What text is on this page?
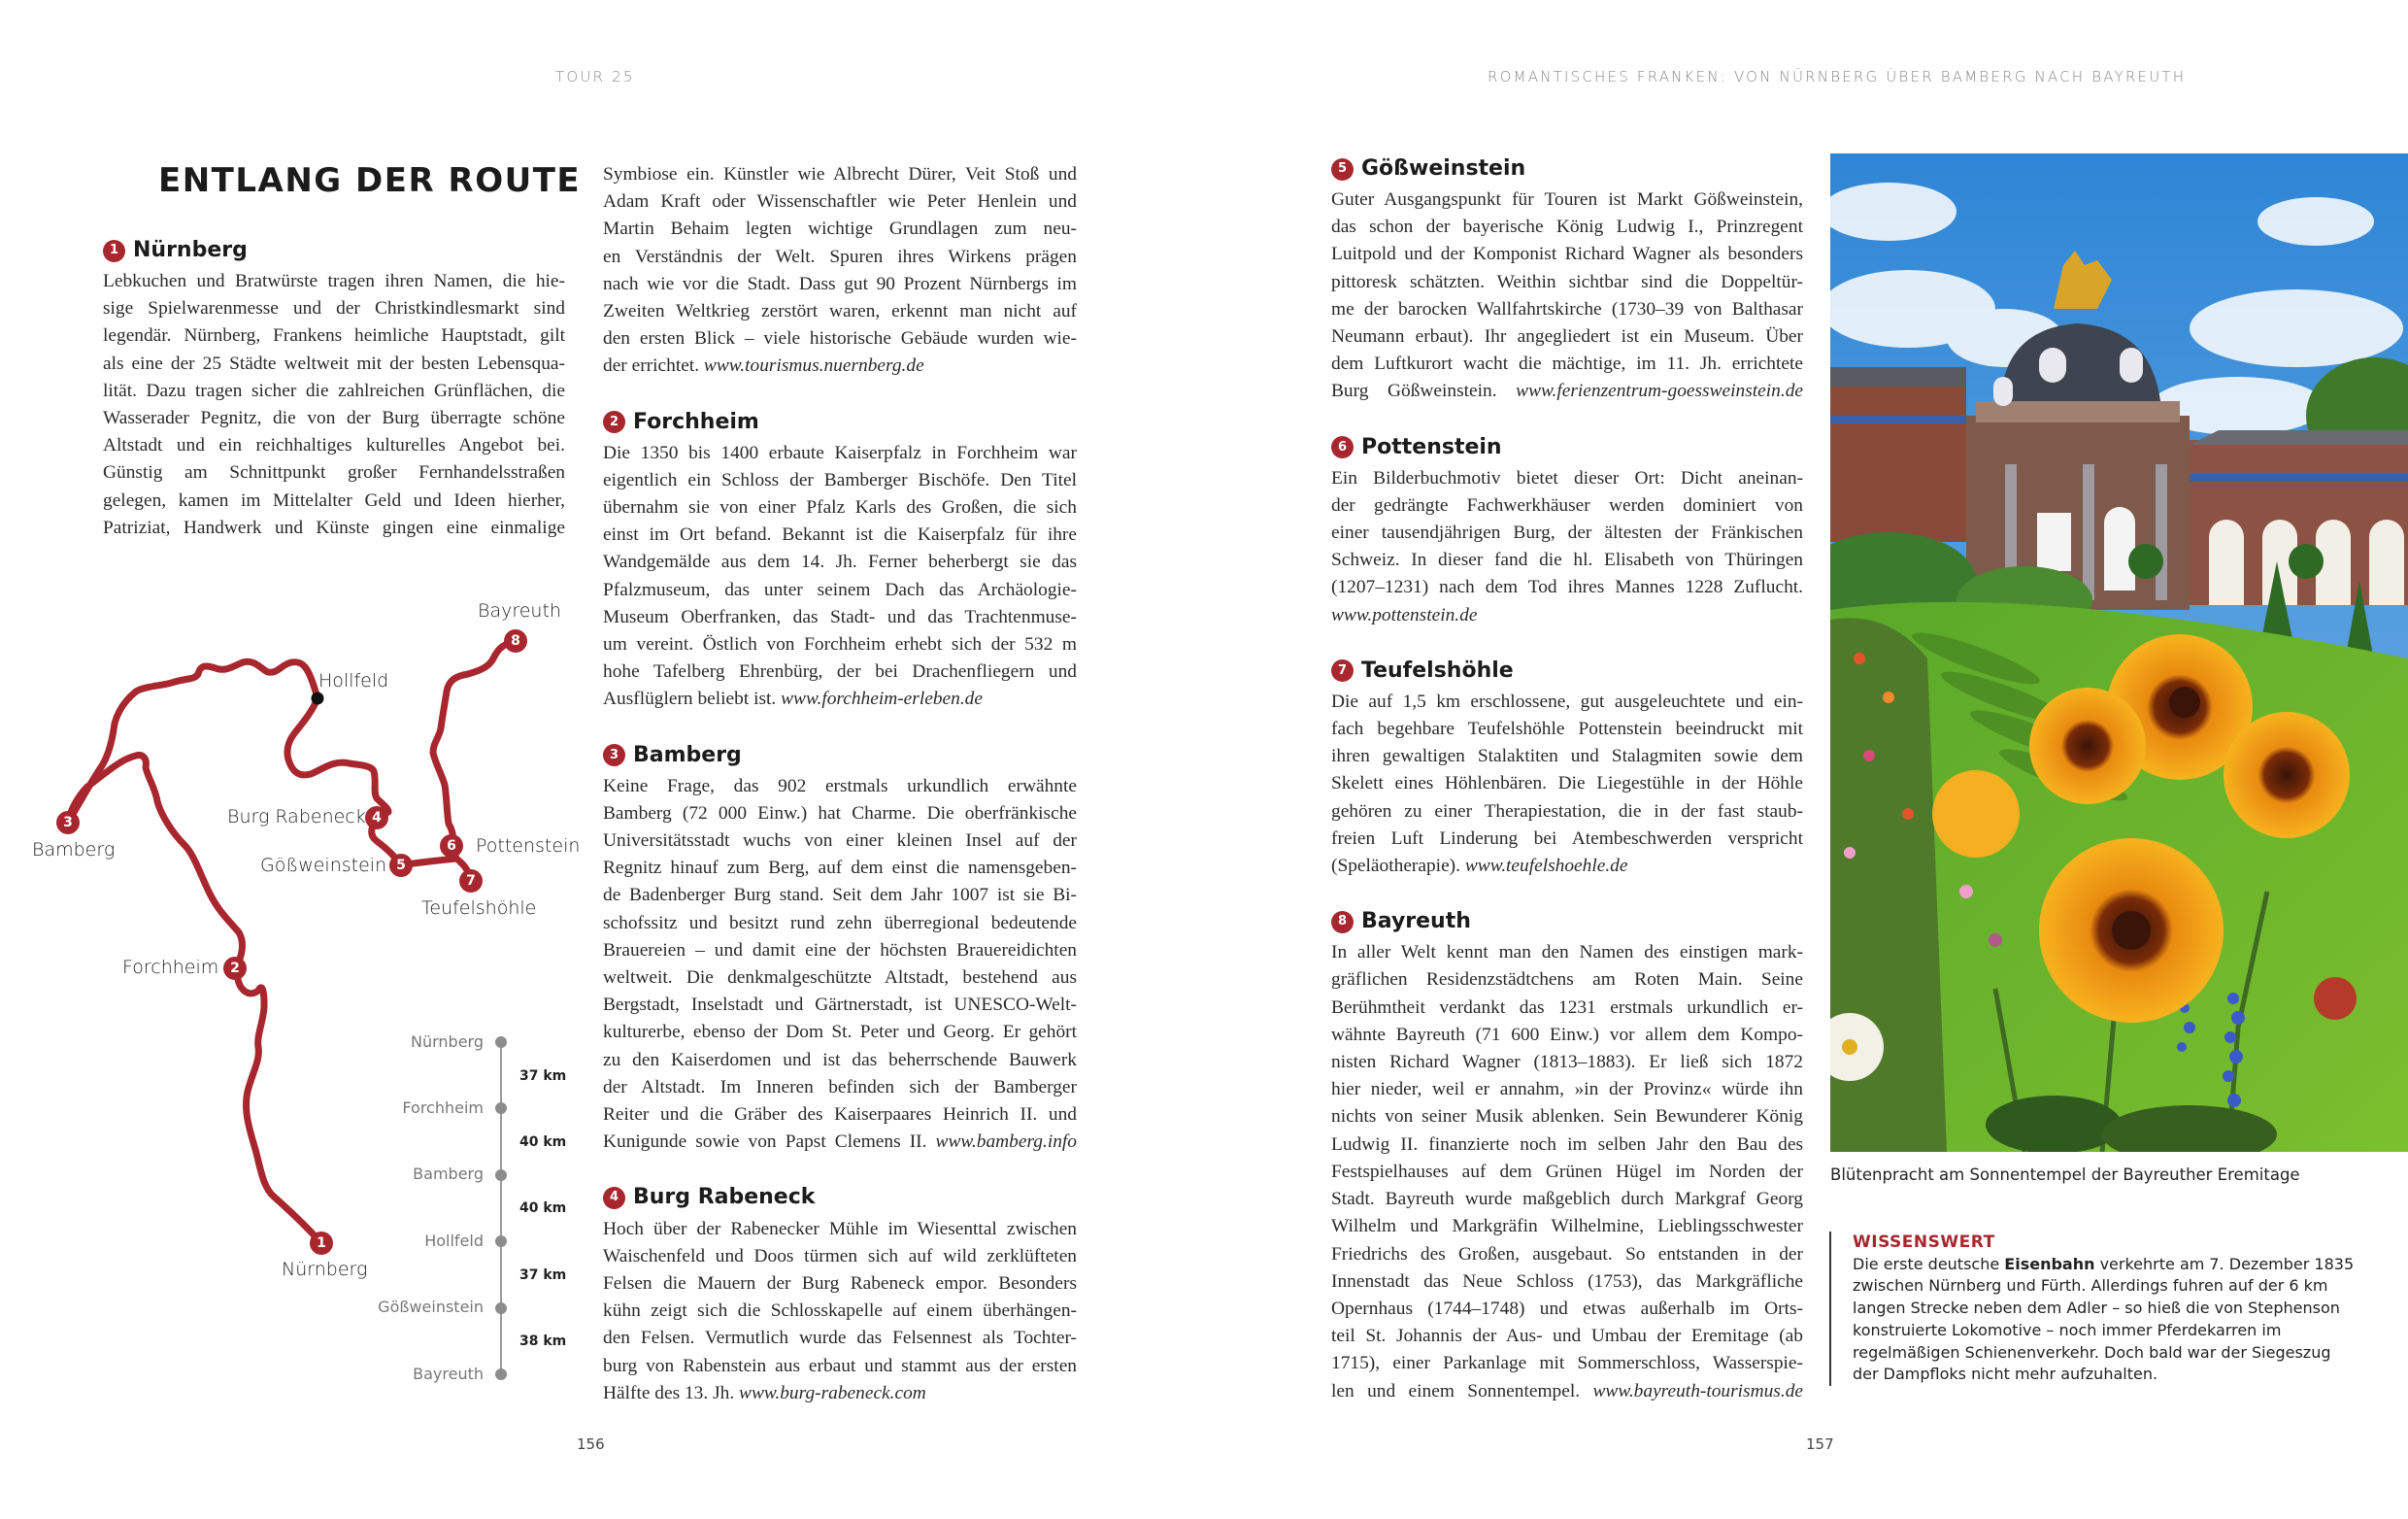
TOUR 25	ROMANTISCHES FRANKEN: VON NÜRNBERG ÜBER BAMBERG NACH BAYREUTH
ENTLANG DER ROUTE
1 Nürnberg
Lebkuchen und Bratwürste tragen ihren Namen, die hie-
sige Spielwarenmesse und der Christkindlesmarkt sind
legendär. Nürnberg, Frankens heimliche Hauptstadt, gilt
als eine der 25 Städte weltweit mit der besten Lebensqua-
lität. Dazu tragen sicher die zahlreichen Grünflächen, die
Wasserader Pegnitz, die von der Burg überragte schöne
Altstadt und ein reichhaltiges kulturelles Angebot bei.
Günstig am Schnittpunkt großer Fernhandelsstraßen
gelegen, kamen im Mittelalter Geld und Ideen hierher,
Patriziat, Handwerk und Künste gingen eine einmalige
1
2
3	4
5
6
7
8
Nürnberg
Forchheim
Bamberg
Burg Rabeneck
Gößweinstein
Pottenstein
Teufelshöhle
Bayreuth
Hollfeld
Nürnberg
Forchheim
Bamberg
Hollfeld
Gößweinstein
Bayreuth
37 km
40 km
40 km
37 km
38 km
Symbiose ein. Künstler wie Albrecht Dürer, Veit Stoß und
Adam Kraft oder Wissenschaftler wie Peter Henlein und
Martin Behaim legten wichtige Grundlagen zum neu-
en Verständnis der Welt. Spuren ihres Wirkens prägen
nach wie vor die Stadt. Dass gut 90 Prozent Nürnbergs im
Zweiten Weltkrieg zerstört waren, erkennt man nicht auf
den ersten Blick – viele historische Gebäude wurden wie-
der errichtet. www.tourismus.nuernberg.de
2 Forchheim
Die 1350 bis 1400 erbaute Kaiserpfalz in Forchheim war
eigentlich ein Schloss der Bamberger Bischöfe. Den Titel
übernahm sie von einer Pfalz Karls des Großen, die sich
einst im Ort befand. Bekannt ist die Kaiserpfalz für ihre
Wandgemälde aus dem 14. Jh. Ferner beherbergt sie das
Pfalzmuseum, das unter seinem Dach das Archäologie-
Museum Oberfranken, das Stadt- und das Trachtenmuse-
um vereint. Östlich von Forchheim erhebt sich der 532 m
hohe Tafelberg Ehrenbürg, der bei Drachenfliegern und
Ausflüglern beliebt ist. www.forchheim-erleben.de
3 Bamberg
Keine Frage, das 902 erstmals urkundlich erwähnte
Bamberg (72 000 Einw.) hat Charme. Die oberfränkische
Universitätsstadt wuchs von einer kleinen Insel auf der
Regnitz hinauf zum Berg, auf dem einst die namensgeben-
de Badenberger Burg stand. Seit dem Jahr 1007 ist sie Bi-
schofssitz und besitzt rund zehn überregional bedeutende
Brauereien – und damit eine der höchsten Brauereidichten
weltweit. Die denkmalgeschützte Altstadt, bestehend aus
Bergstadt, Inselstadt und Gärtnerstadt, ist UNESCO-Welt-
kulturerbe, ebenso der Dom St. Peter und Georg. Er gehört
zu den Kaiserdomen und ist das beherrschende Bauwerk
der Altstadt. Im Inneren befinden sich der Bamberger
Reiter und die Gräber des Kaiserpaares Heinrich II. und
Kunigunde sowie von Papst Clemens II. www.bamberg.info
4 Burg Rabeneck
Hoch über der Rabenecker Mühle im Wiesenttal zwischen
Waischenfeld und Doos türmen sich auf wild zerklüfteten
Felsen die Mauern der Burg Rabeneck empor. Besonders
kühn zeigt sich die Schlosskapelle auf einem überhängen-
den Felsen. Vermutlich wurde das Felsennest als Tochter-
burg von Rabenstein aus erbaut und stammt aus der ersten
Hälfte des 13. Jh. www.burg-rabeneck.com
5 Gößweinstein
Guter Ausgangspunkt für Touren ist Markt Gößweinstein,
das schon der bayerische König Ludwig I., Prinzregent
Luitpold und der Komponist Richard Wagner als besonders
pittoresk schätzten. Weithin sichtbar sind die Doppeltür-
me der barocken Wallfahrtskirche (1730–39 von Balthasar
Neumann erbaut). Ihr angegliedert ist ein Museum. Über
dem Luftkurort wacht die mächtige, im 11. Jh. errichtete
Burg Gößweinstein. www.ferienzentrum-goessweinstein.de
6 Pottenstein
Ein Bilderbuchmotiv bietet dieser Ort: Dicht aneinan-
der gedrängte Fachwerkhäuser werden dominiert von
einer tausendjährigen Burg, der ältesten der Fränkischen
Schweiz. In dieser fand die hl. Elisabeth von Thüringen
(1207–1231) nach dem Tod ihres Mannes 1228 Zuflucht.
www.pottenstein.de
7 Teufelshöhle
Die auf 1,5 km erschlossene, gut ausgeleuchtete und ein-
fach begehbare Teufelshöhle Pottenstein beeindruckt mit
ihren gewaltigen Stalaktiten und Stalagmiten sowie dem
Skelett eines Höhlenbären. Die Liegestühle in der Höhle
gehören zu einer Therapiestation, die in der fast staub-
freien Luft Linderung bei Atembeschwerden verspricht
(Speläotherapie). www.teufelshoehle.de
8 Bayreuth
In aller Welt kennt man den Namen des einstigen mark-
gräflichen Residenzstädtchens am Roten Main. Seine
Berühmtheit verdankt das 1231 erstmals urkundlich er-
wähnte Bayreuth (71 600 Einw.) vor allem dem Kompo-
nisten Richard Wagner (1813–1883). Er ließ sich 1872
hier nieder, weil er annahm, »in der Provinz« würde ihn
nichts von seiner Musik ablenken. Sein Bewunderer König
Ludwig II. finanzierte noch im selben Jahr den Bau des
Festspielhauses auf dem Grünen Hügel im Norden der
Stadt. Bayreuth wurde maßgeblich durch Markgraf Georg
Wilhelm und Markgräfin Wilhelmine, Lieblingsschwester
Friedrichs des Großen, ausgebaut. So entstanden in der
Innenstadt das Neue Schloss (1753), das Markgräfliche
Opernhaus (1744–1748) und etwas außerhalb im Orts-
teil St. Johannis der Aus- und Umbau der Eremitage (ab
1715), einer Parkanlage mit Sommerschloss, Wasserspie-
len und einem Sonnentempel. www.bayreuth-tourismus.de
Blütenpracht am Sonnentempel der Bayreuther Eremitage
WISSENSWERT
Die erste deutsche Eisenbahn verkehrte am 7. Dezember 1835 zwischen Nürnberg und Fürth. Allerdings fuhren auf der 6 km langen Strecke neben dem Adler – so hieß die von Stephenson konstruierte Lokomotive – noch immer Pferdekarren im regelmäßigen Schienenverkehr. Doch bald war der Siegeszug der Dampfloks nicht mehr aufzuhalten.
156	157
